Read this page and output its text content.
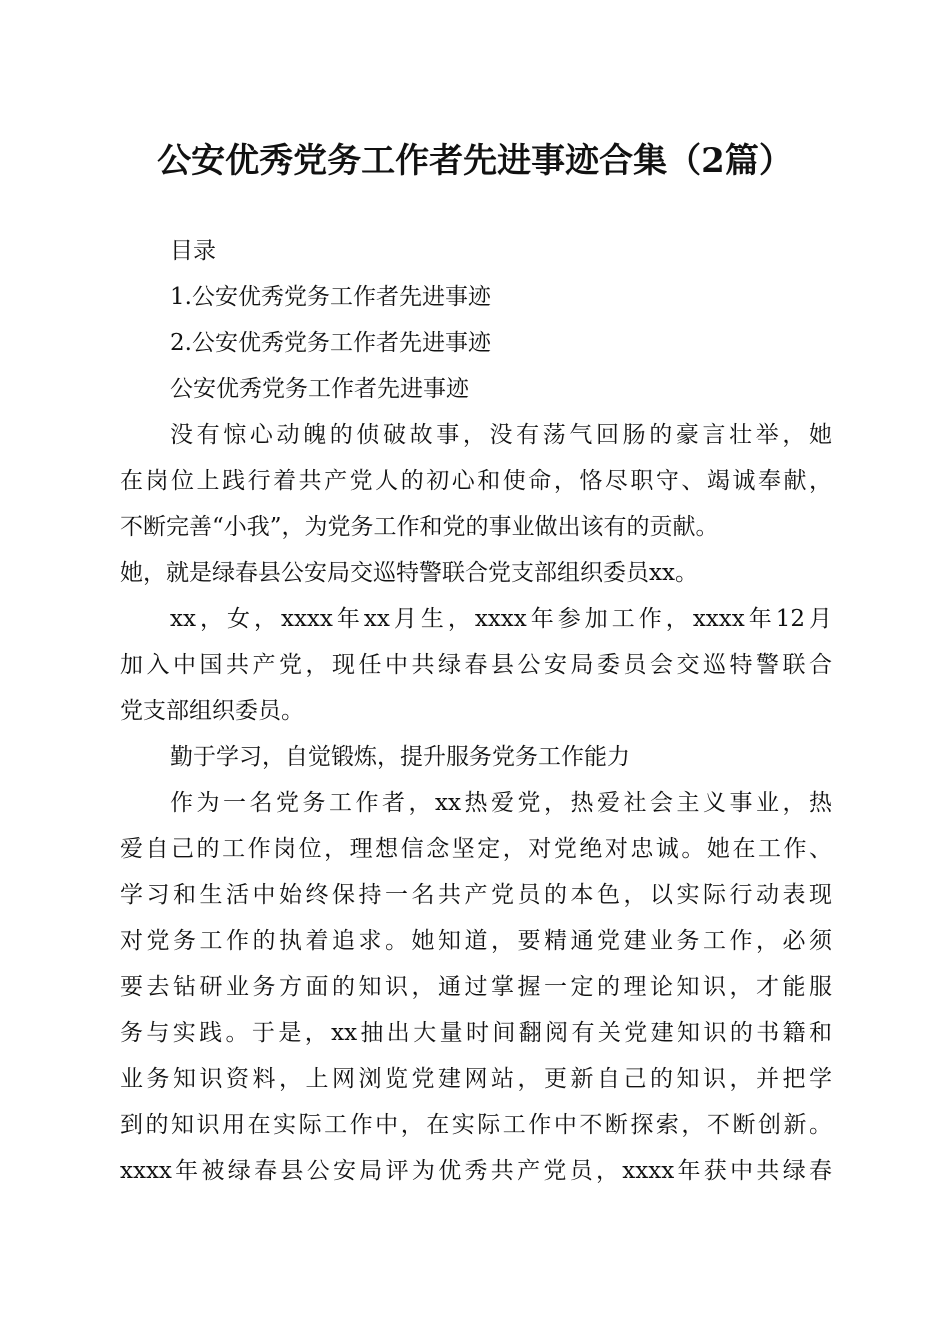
公安优秀党务工作者先进事迹合集（2篇）
目录
1.公安优秀党务工作者先进事迹
2.公安优秀党务工作者先进事迹
公安优秀党务工作者先进事迹
没有惊心动魄的侦破故事，没有荡气回肠的豪言壮举，她
在岗位上践行着共产党人的初心和使命，恪尽职守、竭诚奉献，
不断完善“小我”，为党务工作和党的事业做出该有的贡献。
她，就是绿春县公安局交巡特警联合党支部组织委员xx。
xx，女，xxxx年xx月生，xxxx年参加工作，xxxx年12月
加入中国共产党，现任中共绿春县公安局委员会交巡特警联合
党支部组织委员。
勤于学习，自觉锻炼，提升服务党务工作能力
作为一名党务工作者，xx热爱党，热爱社会主义事业，热
爱自己的工作岗位，理想信念坚定，对党绝对忠诚。她在工作、
学习和生活中始终保持一名共产党员的本色，以实际行动表现
对党务工作的执着追求。她知道，要精通党建业务工作，必须
要去钻研业务方面的知识，通过掌握一定的理论知识，才能服
务与实践。于是，xx抽出大量时间翻阅有关党建知识的书籍和
业务知识资料，上网浏览党建网站，更新自己的知识，并把学
到的知识用在实际工作中，在实际工作中不断探索，不断创新。
xxxx年被绿春县公安局评为优秀共产党员，xxxx年获中共绿春
